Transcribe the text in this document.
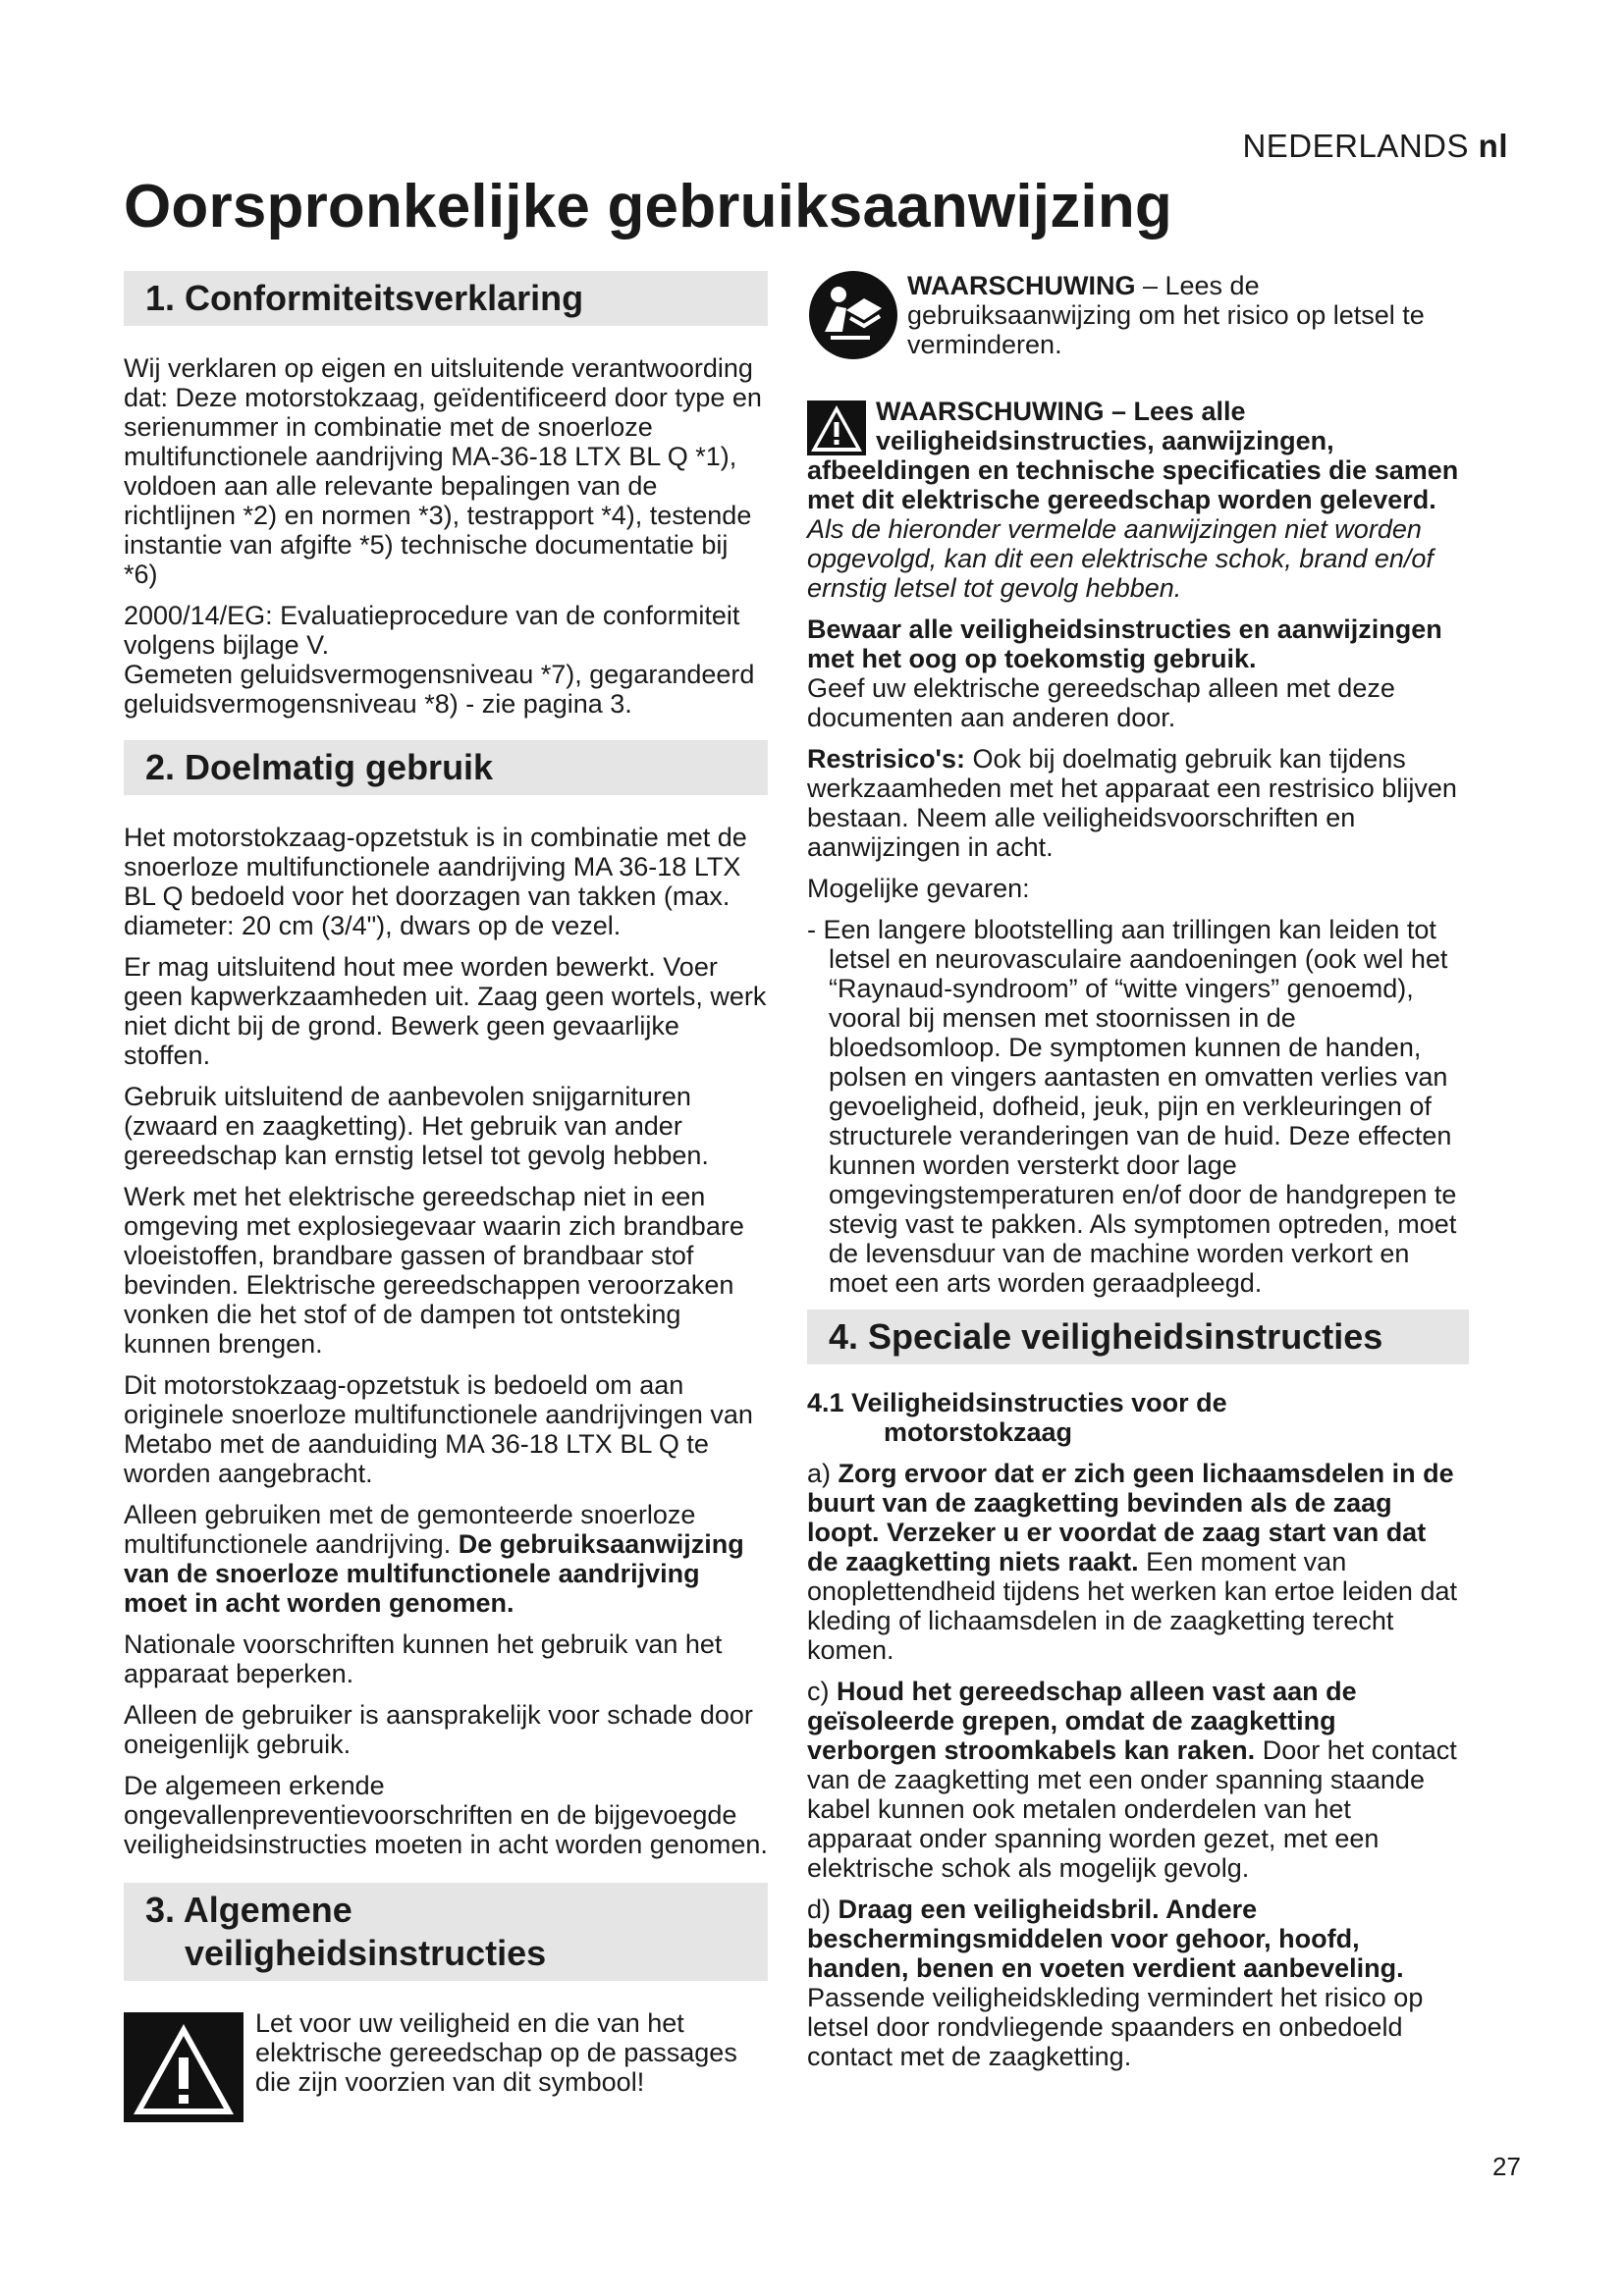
NEDERLANDS nl
Oorspronkelijke gebruiksaanwijzing
1. Conformiteitsverklaring

Wij verklaren op eigen en uitsluitende verantwoording dat: Deze motorstokzaag, geïdentificeerd door type en serienummer in combinatie met de snoerloze multifunctionele aandrijving MA-36-18 LTX BL Q *1), voldoen aan alle relevante bepalingen van de richtlijnen *2) en normen *3), testrapport *4), testende instantie van afgifte *5) technische documentatie bij *6)

2000/14/EG: Evaluatieprocedure van de conformiteit volgens bijlage V.

Gemeten geluidsvermogensniveau *7), gegarandeerd geluidsvermogensniveau *8) - zie pagina 3.

2. Doelmatig gebruik

Het motorstokzaag-opzetstuk is in combinatie met de snoerloze multifunctionele aandrijving MA 36-18 LTX BL Q bedoeld voor het doorzagen van takken (max. diameter: 20 cm (3/4"), dwars op de vezel.

Er mag uitsluitend hout mee worden bewerkt. Voer geen kapwerkzaamheden uit. Zaag geen wortels, werk niet dicht bij de grond. Bewerk geen gevaarlijke stoffen.

Gebruik uitsluitend de aanbevolen snijgarnituren (zwaard en zaagketting). Het gebruik van ander gereedschap kan ernstig letsel tot gevolg hebben.

Werk met het elektrische gereedschap niet in een omgeving met explosiegevaar waarin zich brandbare vloeistoffen, brandbare gassen of brandbaar stof bevinden. Elektrische gereedschappen veroorzaken vonken die het stof of de dampen tot ontsteking kunnen brengen.

Dit motorstokzaag-opzetstuk is bedoeld om aan originele snoerloze multifunctionele aandrijvingen van Metabo met de aanduiding MA 36-18 LTX BL Q te worden aangebracht.

Alleen gebruiken met de gemonteerde snoerloze multifunctionele aandrijving. De gebruiksaanwijzing van de snoerloze multifunctionele aandrijving moet in acht worden genomen.

Nationale voorschriften kunnen het gebruik van het apparaat beperken.

Alleen de gebruiker is aansprakelijk voor schade door oneigenlijk gebruik.

De algemeen erkende ongevallenpreventievoorschriften en de bijgevoegde veiligheidsinstructies moeten in acht worden genomen.

3. Algemene
veiligheidsinstructies

Let voor uw veiligheid en die van het elektrische gereedschap op de passages die zijn voorzien van dit symbool!

WAARSCHUWING – Lees de gebruiksaanwijzing om het risico op letsel te verminderen.

WAARSCHUWING – Lees alle veiligheidsinstructies, aanwijzingen, afbeeldingen en technische specificaties die samen met dit elektrische gereedschap worden geleverd. Als de hieronder vermelde aanwijzingen niet worden opgevolgd, kan dit een elektrische schok, brand en/of ernstig letsel tot gevolg hebben.

Bewaar alle veiligheidsinstructies en aanwijzingen met het oog op toekomstig gebruik.

Geef uw elektrische gereedschap alleen met deze documenten aan anderen door.

Restrisico's: Ook bij doelmatig gebruik kan tijdens werkzaamheden met het apparaat een restrisico blijven bestaan. Neem alle veiligheidsvoorschriften en aanwijzingen in acht.

Mogelijke gevaren:

- Een langere blootstelling aan trillingen kan leiden tot letsel en neurovasculaire aandoeningen (ook wel het “Raynaud-syndroom” of “witte vingers” genoemd), vooral bij mensen met stoornissen in de bloedsomloop. De symptomen kunnen de handen, polsen en vingers aantasten en omvatten verlies van gevoeligheid, dofheid, jeuk, pijn en verkleuringen of structurele veranderingen van de huid. Deze effecten kunnen worden versterkt door lage omgevingstemperaturen en/of door de handgrepen te stevig vast te pakken. Als symptomen optreden, moet de levensduur van de machine worden verkort en moet een arts worden geraadpleegd.

4. Speciale veiligheidsinstructies
4.1 Veiligheidsinstructies voor de
motorstokzaag

a) Zorg ervoor dat er zich geen lichaamsdelen in de buurt van de zaagketting bevinden als de zaag loopt. Verzeker u er voordat de zaag start van dat de zaagketting niets raakt. Een moment van onoplettendheid tijdens het werken kan ertoe leiden dat kleding of lichaamsdelen in de zaagketting terecht komen.

c) Houd het gereedschap alleen vast aan de geïsoleerde grepen, omdat de zaagketting verborgen stroomkabels kan raken. Door het contact van de zaagketting met een onder spanning staande kabel kunnen ook metalen onderdelen van het apparaat onder spanning worden gezet, met een elektrische schok als mogelijk gevolg.

d) Draag een veiligheidsbril. Andere beschermingsmiddelen voor gehoor, hoofd, handen, benen en voeten verdient aanbeveling. Passende veiligheidskleding vermindert het risico op letsel door rondvliegende spaanders en onbedoeld contact met de zaagketting.

27
